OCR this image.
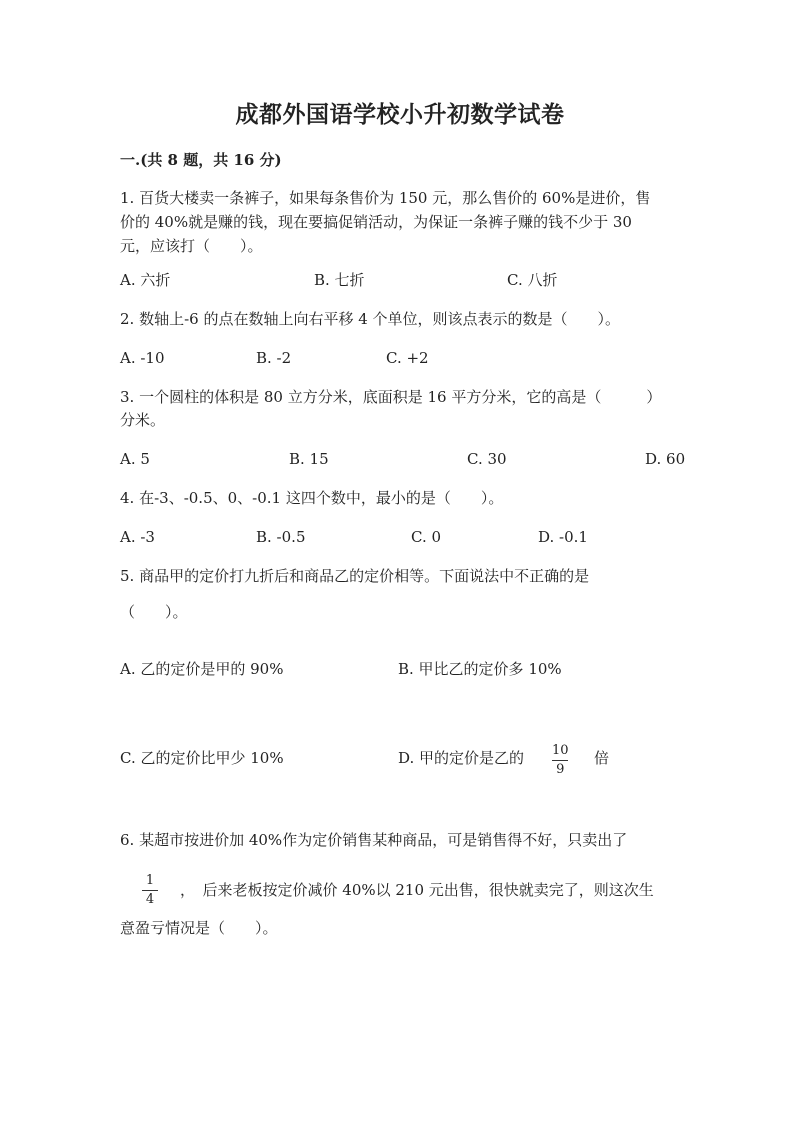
成都外国语学校小升初数学试卷
一.(共 8 题，共 16 分)
1. 百货大楼卖一条裤子，如果每条售价为 150 元，那么售价的 60%是进价，售
价的 40%就是赚的钱，现在要搞促销活动，为保证一条裤子赚的钱不少于 30
元，应该打（　　）。
A. 六折	B. 七折	C. 八折
2. 数轴上-6 的点在数轴上向右平移 4 个单位，则该点表示的数是（　　）。
A. -10	B. -2	C. +2
3. 一个圆柱的体积是 80 立方分米，底面积是 16 平方分米，它的高是（　　　）
分米。
A. 5	B. 15	C. 30	D. 60
4. 在-3、-0.5、0、-0.1 这四个数中，最小的是（　　）。
A. -3	B. -0.5	C. 0	D. -0.1
5. 商品甲的定价打九折后和商品乙的定价相等。下面说法中不正确的是
（　　）。
A. 乙的定价是甲的 90%	B. 甲比乙的定价多 10%
C. 乙的定价比甲少 10%	D. 甲的定价是乙的 10
9
倍
6. 某超市按进价加 40%作为定价销售某种商品，可是销售得不好，只卖出了
1
4
，　后来老板按定价减价 40%以 210 元出售，很快就卖完了，则这次生
意盈亏情况是（　　）。
